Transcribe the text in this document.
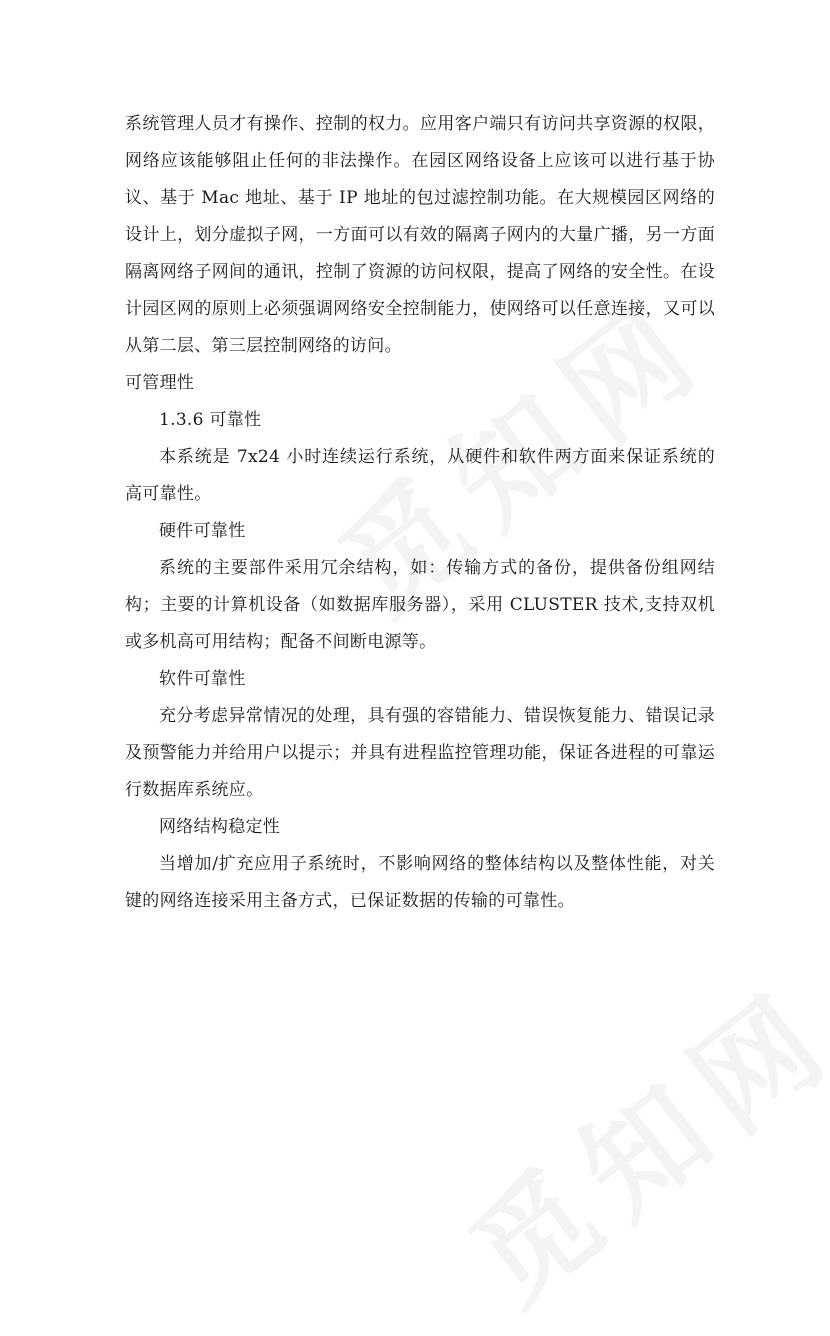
系统管理人员才有操作、控制的权力。应用客户端只有访问共享资源的权限，网络应该能够阻止任何的非法操作。在园区网络设备上应该可以进行基于协议、基于 Mac 地址、基于 IP 地址的包过滤控制功能。在大规模园区网络的设计上，划分虚拟子网，一方面可以有效的隔离子网内的大量广播，另一方面隔离网络子网间的通讯，控制了资源的访问权限，提高了网络的安全性。在设计园区网的原则上必须强调网络安全控制能力，使网络可以任意连接，又可以从第二层、第三层控制网络的访问。

可管理性

1.3.6 可靠性

本系统是 7x24 小时连续运行系统，从硬件和软件两方面来保证系统的高可靠性。

硬件可靠性

系统的主要部件采用冗余结构，如：传输方式的备份，提供备份组网结构；主要的计算机设备（如数据库服务器），采用 CLUSTER 技术,支持双机或多机高可用结构；配备不间断电源等。

软件可靠性

充分考虑异常情况的处理，具有强的容错能力、错误恢复能力、错误记录及预警能力并给用户以提示；并具有进程监控管理功能，保证各进程的可靠运行数据库系统应。

网络结构稳定性

当增加/扩充应用子系统时，不影响网络的整体结构以及整体性能，对关键的网络连接采用主备方式，已保证数据的传输的可靠性。
